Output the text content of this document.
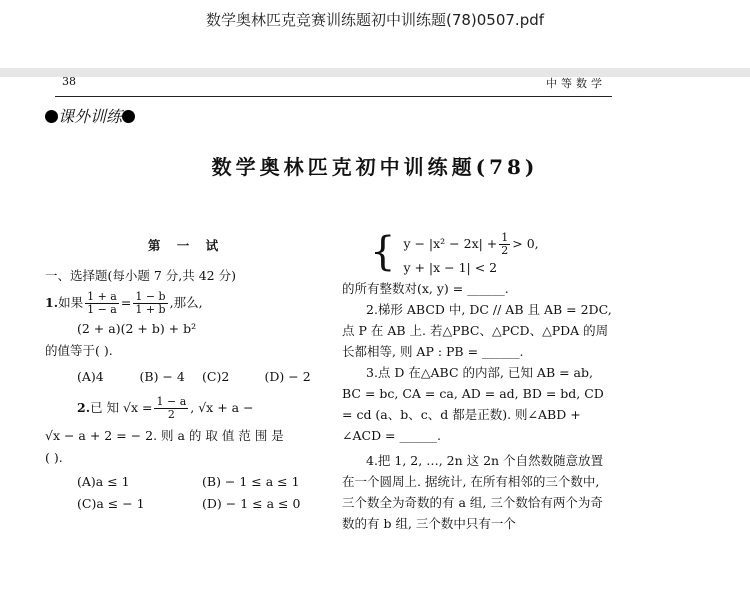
数学奥林匹克竞赛训练题初中训练题(78)0507.pdf
38	中等数学
课外训练
数学奥林匹克初中训练题(78)
第 一 试
一、选择题(每小题 7 分,共 42 分)
1.如果 $\frac{1 + a}{1 - a} = \frac{1 - b}{1 + b}$ ,那么,
(2 + a)(2 + b) + b²
的值等于( ).
(A)4	(B) − 4	(C)2	(D) − 2
2.已 知 $√x = \frac{1 - a}{2}$ , √x + a −
√x − a + 2 = − 2. 则 a 的 取 值 范 围 是
( ).
(A)a ≤ 1	(B) − 1 ≤ a ≤ 1
(C)a ≤ − 1	(D) − 1 ≤ a ≤ 0
{ $y - |x^2 - 2x| + \frac{1}{2} > 0$,
y + |x − 1| < 2
的所有整数对(x, y) = ______.
2.梯形 ABCD 中, DC // AB 且 AB = 2DC, 点 P 在 AB 上. 若△PBC、△PCD、△PDA 的周长都相等, 则 AP : PB = ______.
3.点 D 在△ABC 的内部, 已知 AB = ab, BC = bc, CA = ca, AD = ad, BD = bd, CD = cd (a、b、c、d 都是正数). 则∠ABD + ∠ACD = ______.
4.把 1, 2, …, 2n 这 2n 个自然数随意放置在一个圆周上. 据统计, 在所有相邻的三个数中, 三个数全为奇数的有 a 组, 三个数恰有两个为奇数的有 b 组, 三个数中只有一个
